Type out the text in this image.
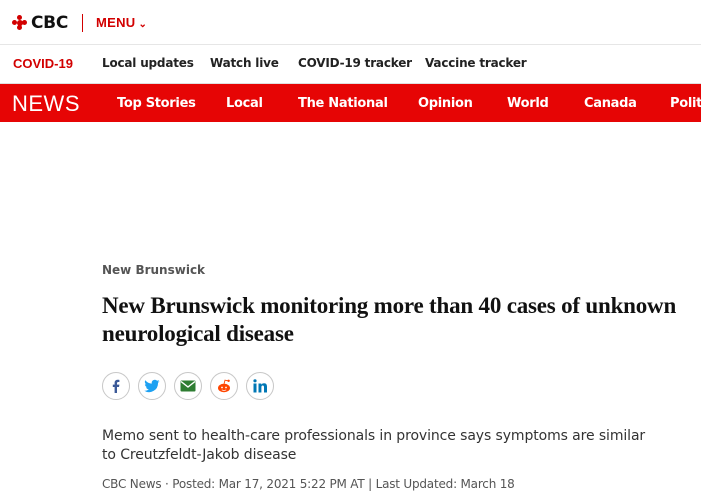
CBC MENU ⌄
COVID-19 Local updates Watch live COVID-19 tracker Vaccine tracker
NEWS	Top Stories Local	The National Opinion	World	Canada	Politi
New Brunswick
New Brunswick monitoring more than 40 cases of unknown neurological disease

Memo sent to health-care professionals in province says symptoms are similar to Creutzfeldt-Jakob disease

CBC News · Posted: Mar 17, 2021 5:22 PM AT | Last Updated: March 18
